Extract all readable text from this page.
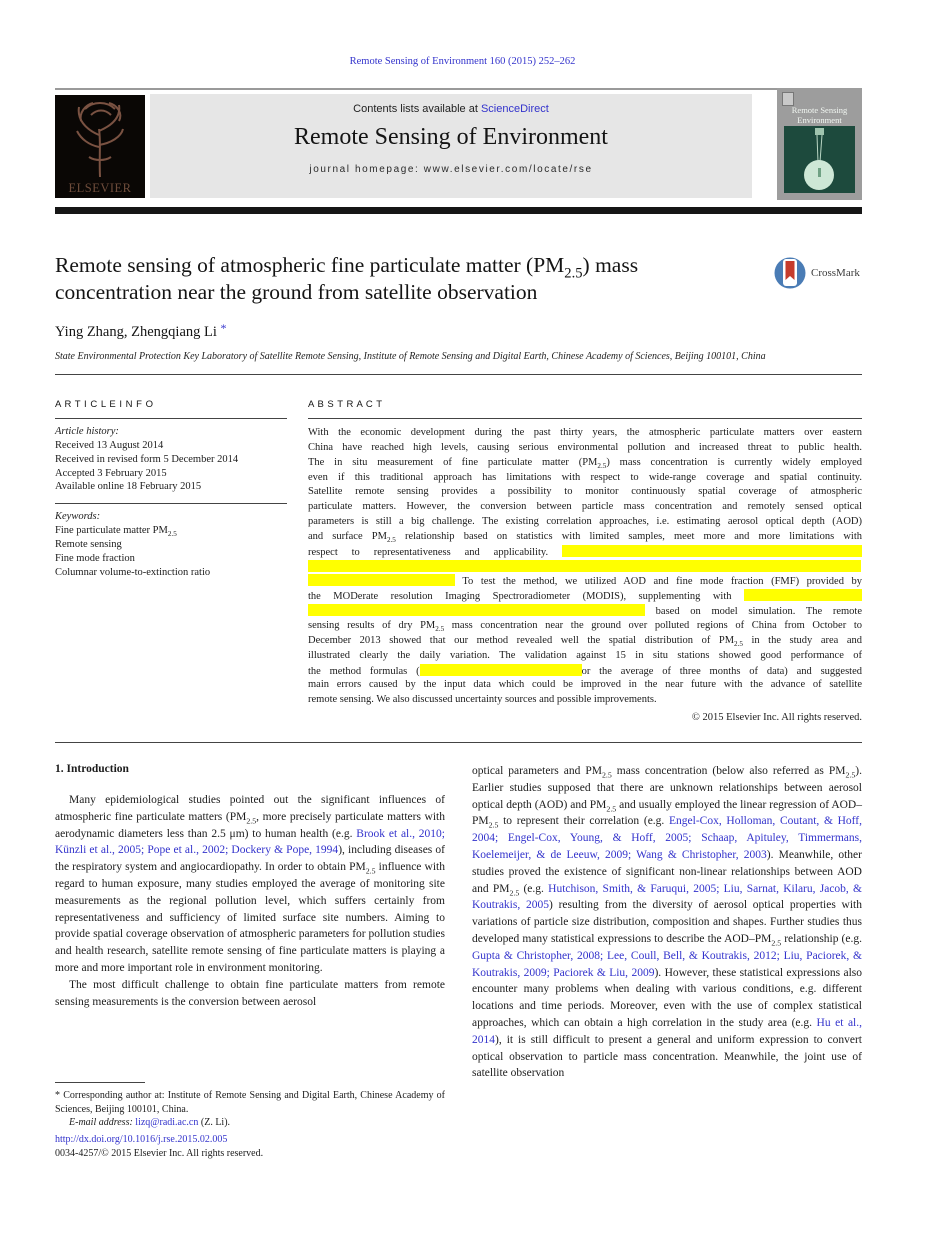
Remote Sensing of Environment 160 (2015) 252–262
ELSEVIER
Contents lists available at ScienceDirect
Remote Sensing of Environment
journal homepage: www.elsevier.com/locate/rse
Remote Sensing
Environment
Remote sensing of atmospheric fine particulate matter $(PM_{2.5})$ mass concentration near the ground from satellite observation
CrossMark
Ying Zhang, Zhengqiang Li *
State Environmental Protection Key Laboratory of Satellite Remote Sensing, Institute of Remote Sensing and Digital Earth, Chinese Academy of Sciences, Beijing 100101, China
A R T I C L E I N F O
Article history:
Received 13 August 2014
Received in revised form 5 December 2014
Accepted 3 February 2015
Available online 18 February 2015
Keywords:
Fine particulate matter $PM_{2.5}$
Remote sensing
Fine mode fraction
Columnar volume-to-extinction ratio
A B S T R A C T
With the economic development during the past thirty years, the atmospheric particulate matters over eastern
China have reached high levels, causing serious environmental pollution and increased threat to public health.
The in situ measurement of fine particulate matter $(PM_{2.5})$ mass concentration is currently widely employed
even if this traditional approach has limitations with respect to wide-range coverage and spatial continuity.
Satellite remote sensing provides a possibility to monitor continuously spatial coverage of atmospheric
particulate matters. However, the conversion between particle mass concentration and remotely sensed optical
parameters is still a big challenge. The existing correlation approaches, i.e. estimating aerosol optical depth (AOD)
and surface $PM_{2.5}$ relationship based on statistics with limited samples, meet more and more limitations with
respect to representativeness and applicability.
To test the method, we utilized AOD and fine mode fraction (FMF) provided by
the MODerate resolution Imaging Spectroradiometer (MODIS), supplementing with
based on model simulation. The remote
sensing results of dry $PM_{2.5}$ mass concentration near the ground over polluted regions of China from October to
December 2013 showed that our method revealed well the spatial distribution of $PM_{2.5}$ in the study area and
illustrated clearly the daily variation. The validation against 15 in situ stations showed good performance of
the method formulas (	or the average of three months of data) and suggested
main errors caused by the input data which could be improved in the near future with the advance of satellite
remote sensing. We also discussed uncertainty sources and possible improvements.
© 2015 Elsevier Inc. All rights reserved.
1. Introduction
Many epidemiological studies pointed out the significant influences of atmospheric fine particulate matters ($PM_{2.5}$, more precisely particulate matters with aerodynamic diameters less than 2.5 μm) to human health (e.g. Brook et al., 2010; Künzli et al., 2005; Pope et al., 2002; Dockery & Pope, 1994), including diseases of the respiratory system and angiocardiopathy. In order to obtain $PM_{2.5}$ influence with regard to human exposure, many studies employed the average of monitoring site measurements as the regional pollution level, which suffers certainly from representativeness and sufficiency of limited surface site numbers. Aiming to provide spatial coverage observation of atmospheric parameters for pollution studies and health research, satellite remote sensing of fine particulate matters is playing a more and more important role in environment monitoring.
The most difficult challenge to obtain fine particulate matters from remote sensing measurements is the conversion between aerosol
optical parameters and $PM_{2.5}$ mass concentration (below also referred as $PM_{2.5}$). Earlier studies supposed that there are unknown relationships between aerosol optical depth (AOD) and $PM_{2.5}$ and usually employed the linear regression of AOD–$PM_{2.5}$ to represent their correlation (e.g. Engel-Cox, Holloman, Coutant, & Hoff, 2004; Engel-Cox, Young, & Hoff, 2005; Schaap, Apituley, Timmermans, Koelemeijer, & de Leeuw, 2009; Wang & Christopher, 2003). Meanwhile, other studies proved the existence of significant non-linear relationships between AOD and $PM_{2.5}$ (e.g. Hutchison, Smith, & Faruqui, 2005; Liu, Sarnat, Kilaru, Jacob, & Koutrakis, 2005) resulting from the diversity of aerosol optical properties with variations of particle size distribution, composition and shapes. Further studies thus developed many statistical expressions to describe the AOD–$PM_{2.5}$ relationship (e.g. Gupta & Christopher, 2008; Lee, Coull, Bell, & Koutrakis, 2012; Liu, Paciorek, & Koutrakis, 2009; Paciorek & Liu, 2009). However, these statistical expressions also encounter many problems when dealing with various conditions, e.g. different locations and time periods. Moreover, even with the use of complex statistical approaches, which can obtain a high correlation in the study area (e.g. Hu et al., 2014), it is still difficult to present a general and uniform expression to convert optical observation to particle mass concentration. Meanwhile, the joint use of satellite observation
* Corresponding author at: Institute of Remote Sensing and Digital Earth, Chinese Academy of Sciences, Beijing 100101, China.
E-mail address: lizq@radi.ac.cn (Z. Li).
http://dx.doi.org/10.1016/j.rse.2015.02.005
0034-4257/© 2015 Elsevier Inc. All rights reserved.
